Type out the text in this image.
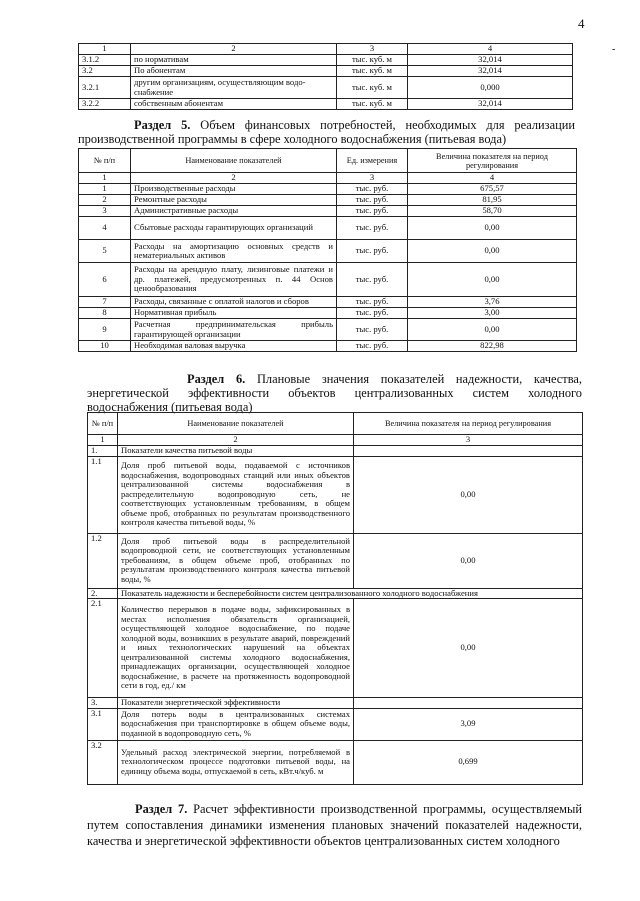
4
-
1	2	3	4
3.1.2	по нормативам	тыс. куб. м	32,014
3.2	По абонентам	тыс. куб. м	32,014
3.2.1	другим организациям, осуществляющим водо-снабжение	тыс. куб. м	0,000
3.2.2	собственным абонентам	тыс. куб. м	32,014
Раздел 5. Объем финансовых потребностей, необходимых для реализации производственной программы в сфере холодного водоснабжения (питьевая вода)
№ п/п	Наименование показателей	Ед. измерения	Величина показателя на период регулирования
1	2	3	4
1	Производственные расходы	тыс. руб.	675,57
2	Ремонтные расходы	тыс. руб.	81,95
3	Административные расходы	тыс. руб.	58,70
4	Сбытовые расходы гарантирующих организаций	тыс. руб.	0,00
5	Расходы на амортизацию основных средств и нематериальных активов	тыс. руб.	0,00
6	Расходы на арендную плату, лизинговые платежи и др. платежей, предусмотренных п. 44 Основ ценообразования	тыс. руб.	0,00
7	Расходы, связанные с оплатой налогов и сборов	тыс. руб.	3,76
8	Нормативная прибыль	тыс. руб.	3,00
9	Расчетная предпринимательская прибыль гарантирующей организации	тыс. руб.	0,00
10	Необходимая валовая выручка	тыс. руб.	822,98
Раздел 6. Плановые значения показателей надежности, качества, энергетической эффективности объектов централизованных систем холодного водоснабжения (питьевая вода)
№ п/п	Наименование показателей	Величина показателя на период регулирования
1	2	3
1.	Показатели качества питьевой воды	
1.1	Доля проб питьевой воды, подаваемой с источников водоснабжения, водопроводных станций или иных объектов централизованной системы водоснабжения в распределительную водопроводную сеть, не соответствующих установленным требованиям, в общем объеме проб, отобранных по результатам производственного контроля качества питьевой воды, %	0,00
1.2	Доля проб питьевой воды в распределительной водопроводной сети, не соответствующих установленным требованиям, в общем объеме проб, отобранных по результатам производственного контроля качества питьевой воды, %	0,00
2.	Показатель надежности и бесперебойности систем централизованного холодного водоснабжения	
2.1	Количество перерывов в подаче воды, зафиксированных в местах исполнения обязательств организацией, осуществляющей холодное водоснабжение, по подаче холодной воды, возникших в результате аварий, повреждений и иных технологических нарушений на объектах централизованной системы холодного водоснабжения, принадлежащих организации, осуществляющей холодное водоснабжение, в расчете на протяженность водопроводной сети в год, ед./ км	0,00
3.	Показатели энергетической эффективности	
3.1	Доля потерь воды в централизованных системах водоснабжения при транспортировке в общем объеме воды, поданной в водопроводную сеть, %	3,09
3.2	Удельный расход электрической энергии, потребляемой в технологическом процессе подготовки питьевой воды, на единицу объема воды, отпускаемой в сеть, кВт.ч/куб. м	0,699
Раздел 7. Расчет эффективности производственной программы, осуществляемый путем сопоставления динамики изменения плановых значений показателей надежности, качества и энергетической эффективности объектов централизованных систем холодного
